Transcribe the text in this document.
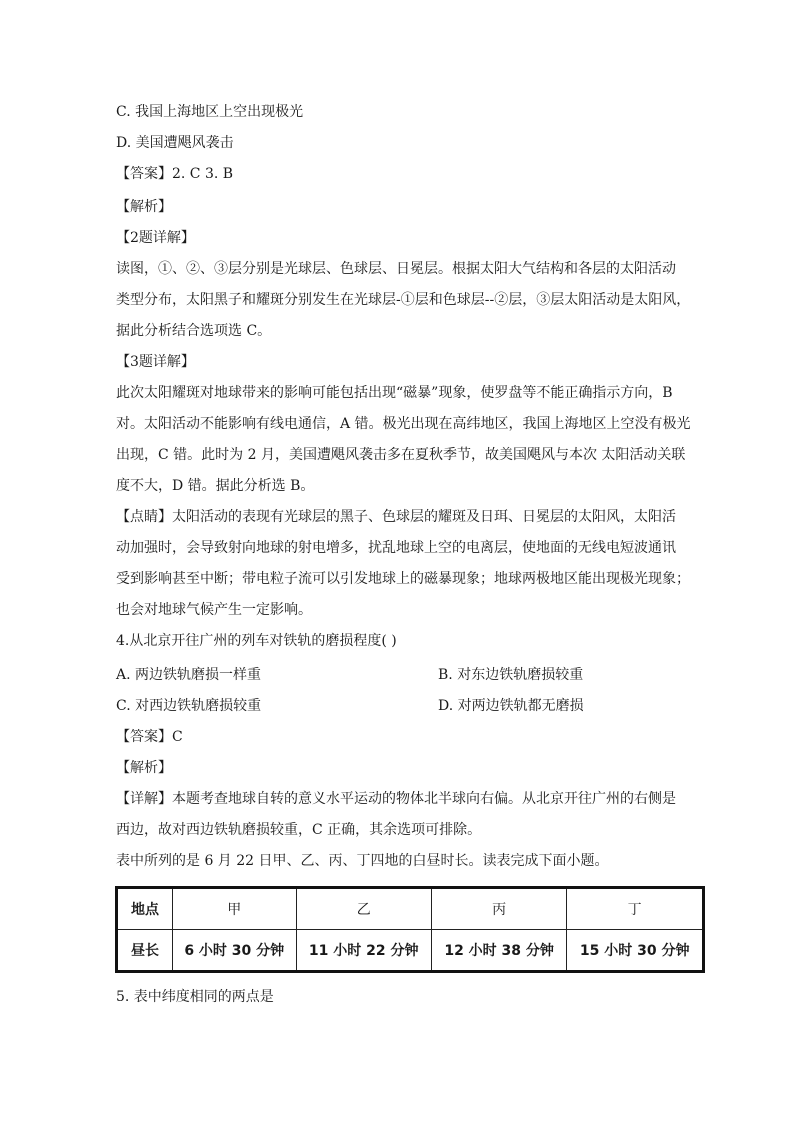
C. 我国上海地区上空出现极光
D. 美国遭飓风袭击
【答案】2. C 3. B
【解析】
【2题详解】
读图，①、②、③层分别是光球层、色球层、日冕层。根据太阳大气结构和各层的太阳活动
类型分布，太阳黑子和耀斑分别发生在光球层-①层和色球层--②层，③层太阳活动是太阳风，
据此分析结合选项选 C。
【3题详解】
此次太阳耀斑对地球带来的影响可能包括出现“磁暴”现象，使罗盘等不能正确指示方向，B
对。太阳活动不能影响有线电通信，A 错。极光出现在高纬地区，我国上海地区上空没有极光
出现，C 错。此时为 2 月，美国遭飓风袭击多在夏秋季节，故美国飓风与本次 太阳活动关联
度不大，D 错。据此分析选 B。
【点睛】太阳活动的表现有光球层的黑子、色球层的耀斑及日珥、日冕层的太阳风，太阳活
动加强时，会导致射向地球的射电增多，扰乱地球上空的电离层，使地面的无线电短波通讯
受到影响甚至中断；带电粒子流可以引发地球上的磁暴现象；地球两极地区能出现极光现象；
也会对地球气候产生一定影响。
4.从北京开往广州的列车对铁轨的磨损程度( )
A. 两边铁轨磨损一样重	B. 对东边铁轨磨损较重
C. 对西边铁轨磨损较重	D. 对两边铁轨都无磨损
【答案】C
【解析】
【详解】本题考查地球自转的意义水平运动的物体北半球向右偏。从北京开往广州的右侧是
西边，故对西边铁轨磨损较重，C 正确，其余选项可排除。
表中所列的是 6 月 22 日甲、乙、丙、丁四地的白昼时长。读表完成下面小题。
地点	甲	乙	丙	丁
昼长	6 小时 30 分钟	11 小时 22 分钟	12 小时 38 分钟	15 小时 30 分钟
5. 表中纬度相同的两点是
